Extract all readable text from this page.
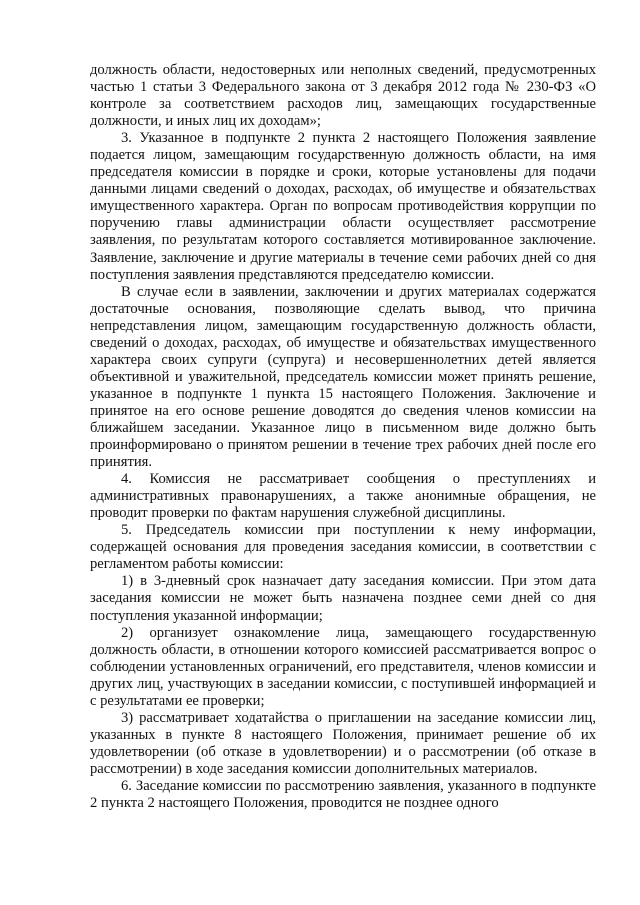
должность области, недостоверных или неполных сведений, предусмотренных частью 1 статьи 3 Федерального закона от 3 декабря 2012 года № 230-ФЗ «О контроле за соответствием расходов лиц, замещающих государственные должности, и иных лиц их доходам»;

3. Указанное в подпункте 2 пункта 2 настоящего Положения заявление подается лицом, замещающим государственную должность области, на имя председателя комиссии в порядке и сроки, которые установлены для подачи данными лицами сведений о доходах, расходах, об имуществе и обязательствах имущественного характера. Орган по вопросам противодействия коррупции по поручению главы администрации области осуществляет рассмотрение заявления, по результатам которого составляется мотивированное заключение. Заявление, заключение и другие материалы в течение семи рабочих дней со дня поступления заявления представляются председателю комиссии.

В случае если в заявлении, заключении и других материалах содержатся достаточные основания, позволяющие сделать вывод, что причина непредставления лицом, замещающим государственную должность области, сведений о доходах, расходах, об имуществе и обязательствах имущественного характера своих супруги (супруга) и несовершеннолетних детей является объективной и уважительной, председатель комиссии может принять решение, указанное в подпункте 1 пункта 15 настоящего Положения. Заключение и принятое на его основе решение доводятся до сведения членов комиссии на ближайшем заседании. Указанное лицо в письменном виде должно быть проинформировано о принятом решении в течение трех рабочих дней после его принятия.

4. Комиссия не рассматривает сообщения о преступлениях и административных правонарушениях, а также анонимные обращения, не проводит проверки по фактам нарушения служебной дисциплины.

5. Председатель комиссии при поступлении к нему информации, содержащей основания для проведения заседания комиссии, в соответствии с регламентом работы комиссии:

1) в 3-дневный срок назначает дату заседания комиссии. При этом дата заседания комиссии не может быть назначена позднее семи дней со дня поступления указанной информации;

2) организует ознакомление лица, замещающего государственную должность области, в отношении которого комиссией рассматривается вопрос о соблюдении установленных ограничений, его представителя, членов комиссии и других лиц, участвующих в заседании комиссии, с поступившей информацией и с результатами ее проверки;

3) рассматривает ходатайства о приглашении на заседание комиссии лиц, указанных в пункте 8 настоящего Положения, принимает решение об их удовлетворении (об отказе в удовлетворении) и о рассмотрении (об отказе в рассмотрении) в ходе заседания комиссии дополнительных материалов.

6. Заседание комиссии по рассмотрению заявления, указанного в подпункте 2 пункта 2 настоящего Положения, проводится не позднее одного
